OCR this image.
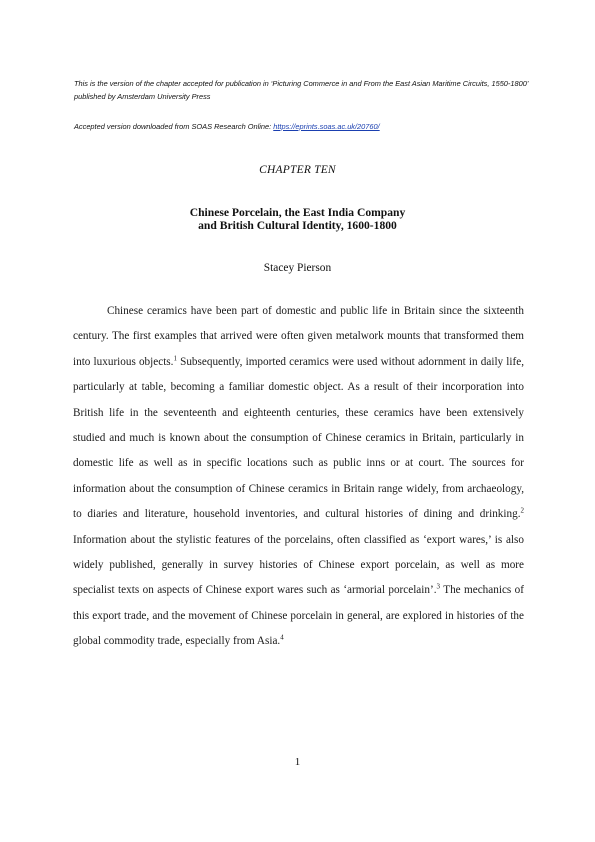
This is the version of the chapter accepted for publication in ‘Picturing Commerce in and From the East Asian Maritime Circuits, 1550-1800’ published by Amsterdam University Press
Accepted version downloaded from SOAS Research Online: https://eprints.soas.ac.uk/20760/
CHAPTER TEN
Chinese Porcelain, the East India Company
and British Cultural Identity, 1600-1800
Stacey Pierson

Chinese ceramics have been part of domestic and public life in Britain since the sixteenth century. The first examples that arrived were often given metalwork mounts that transformed them into luxurious objects.$^1$ Subsequently, imported ceramics were used without adornment in daily life, particularly at table, becoming a familiar domestic object. As a result of their incorporation into British life in the seventeenth and eighteenth centuries, these ceramics have been extensively studied and much is known about the consumption of Chinese ceramics in Britain, particularly in domestic life as well as in specific locations such as public inns or at court. The sources for information about the consumption of Chinese ceramics in Britain range widely, from archaeology, to diaries and literature, household inventories, and cultural histories of dining and drinking.$^2$ Information about the stylistic features of the porcelains, often classified as ‘export wares,’ is also widely published, generally in survey histories of Chinese export porcelain, as well as more specialist texts on aspects of Chinese export wares such as ‘armorial porcelain’.$^3$ The mechanics of this export trade, and the movement of Chinese porcelain in general, are explored in histories of the global commodity trade, especially from Asia.$^4$

1
